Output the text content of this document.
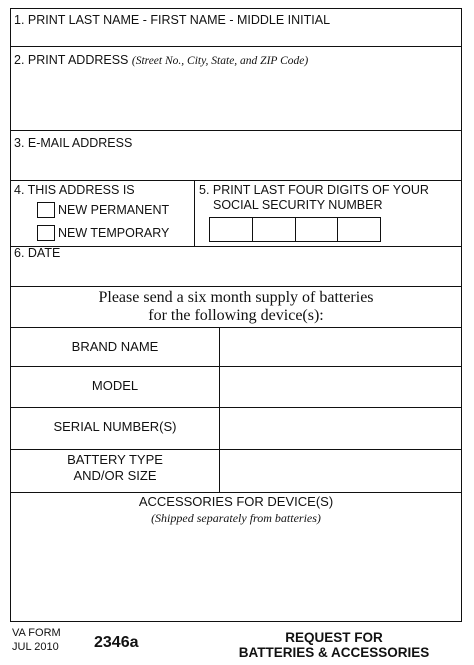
1. PRINT LAST NAME - FIRST NAME - MIDDLE INITIAL
2. PRINT ADDRESS (Street No., City, State, and ZIP Code)
3. E-MAIL ADDRESS
4. THIS ADDRESS IS
NEW PERMANENT
NEW TEMPORARY
5. PRINT LAST FOUR DIGITS OF YOUR
SOCIAL SECURITY NUMBER
6. DATE
Please send a six month supply of batteries
for the following device(s):
BRAND NAME
MODEL
SERIAL NUMBER(S)
BATTERY TYPE
AND/OR SIZE
ACCESSORIES FOR DEVICE(S)
(Shipped separately from batteries)
VA FORM
JUL 2010 2346a	REQUEST FOR
BATTERIES & ACCESSORIES
